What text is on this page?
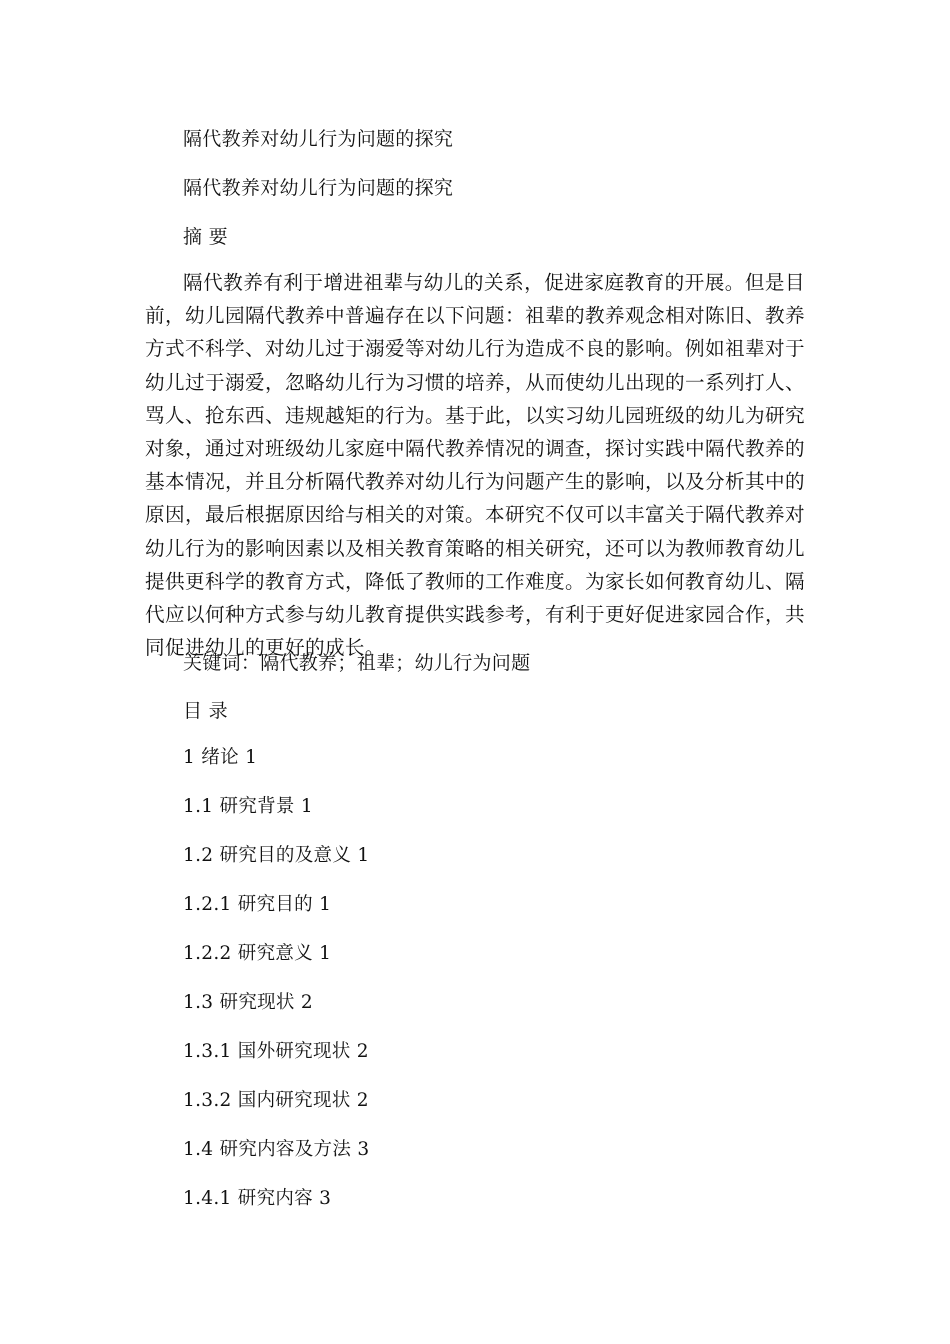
隔代教养对幼儿行为问题的探究
隔代教养对幼儿行为问题的探究
摘 要

隔代教养有利于增进祖辈与幼儿的关系，促进家庭教育的开展。但是目前，幼儿园隔代教养中普遍存在以下问题：祖辈的教养观念相对陈旧、教养方式不科学、对幼儿过于溺爱等对幼儿行为造成不良的影响。例如祖辈对于幼儿过于溺爱，忽略幼儿行为习惯的培养，从而使幼儿出现的一系列打人、骂人、抢东西、违规越矩的行为。基于此，以实习幼儿园班级的幼儿为研究对象，通过对班级幼儿家庭中隔代教养情况的调查，探讨实践中隔代教养的基本情况，并且分析隔代教养对幼儿行为问题产生的影响，以及分析其中的原因，最后根据原因给与相关的对策。本研究不仅可以丰富关于隔代教养对幼儿行为的影响因素以及相关教育策略的相关研究，还可以为教师教育幼儿提供更科学的教育方式，降低了教师的工作难度。为家长如何教育幼儿、隔代应以何种方式参与幼儿教育提供实践参考，有利于更好促进家园合作，共同促进幼儿的更好的成长。

关键词：隔代教养；祖辈；幼儿行为问题
目 录
1 绪论 1
1.1 研究背景 1
1.2 研究目的及意义 1
1.2.1 研究目的 1
1.2.2 研究意义 1
1.3 研究现状 2
1.3.1 国外研究现状 2
1.3.2 国内研究现状 2
1.4 研究内容及方法 3
1.4.1 研究内容 3
